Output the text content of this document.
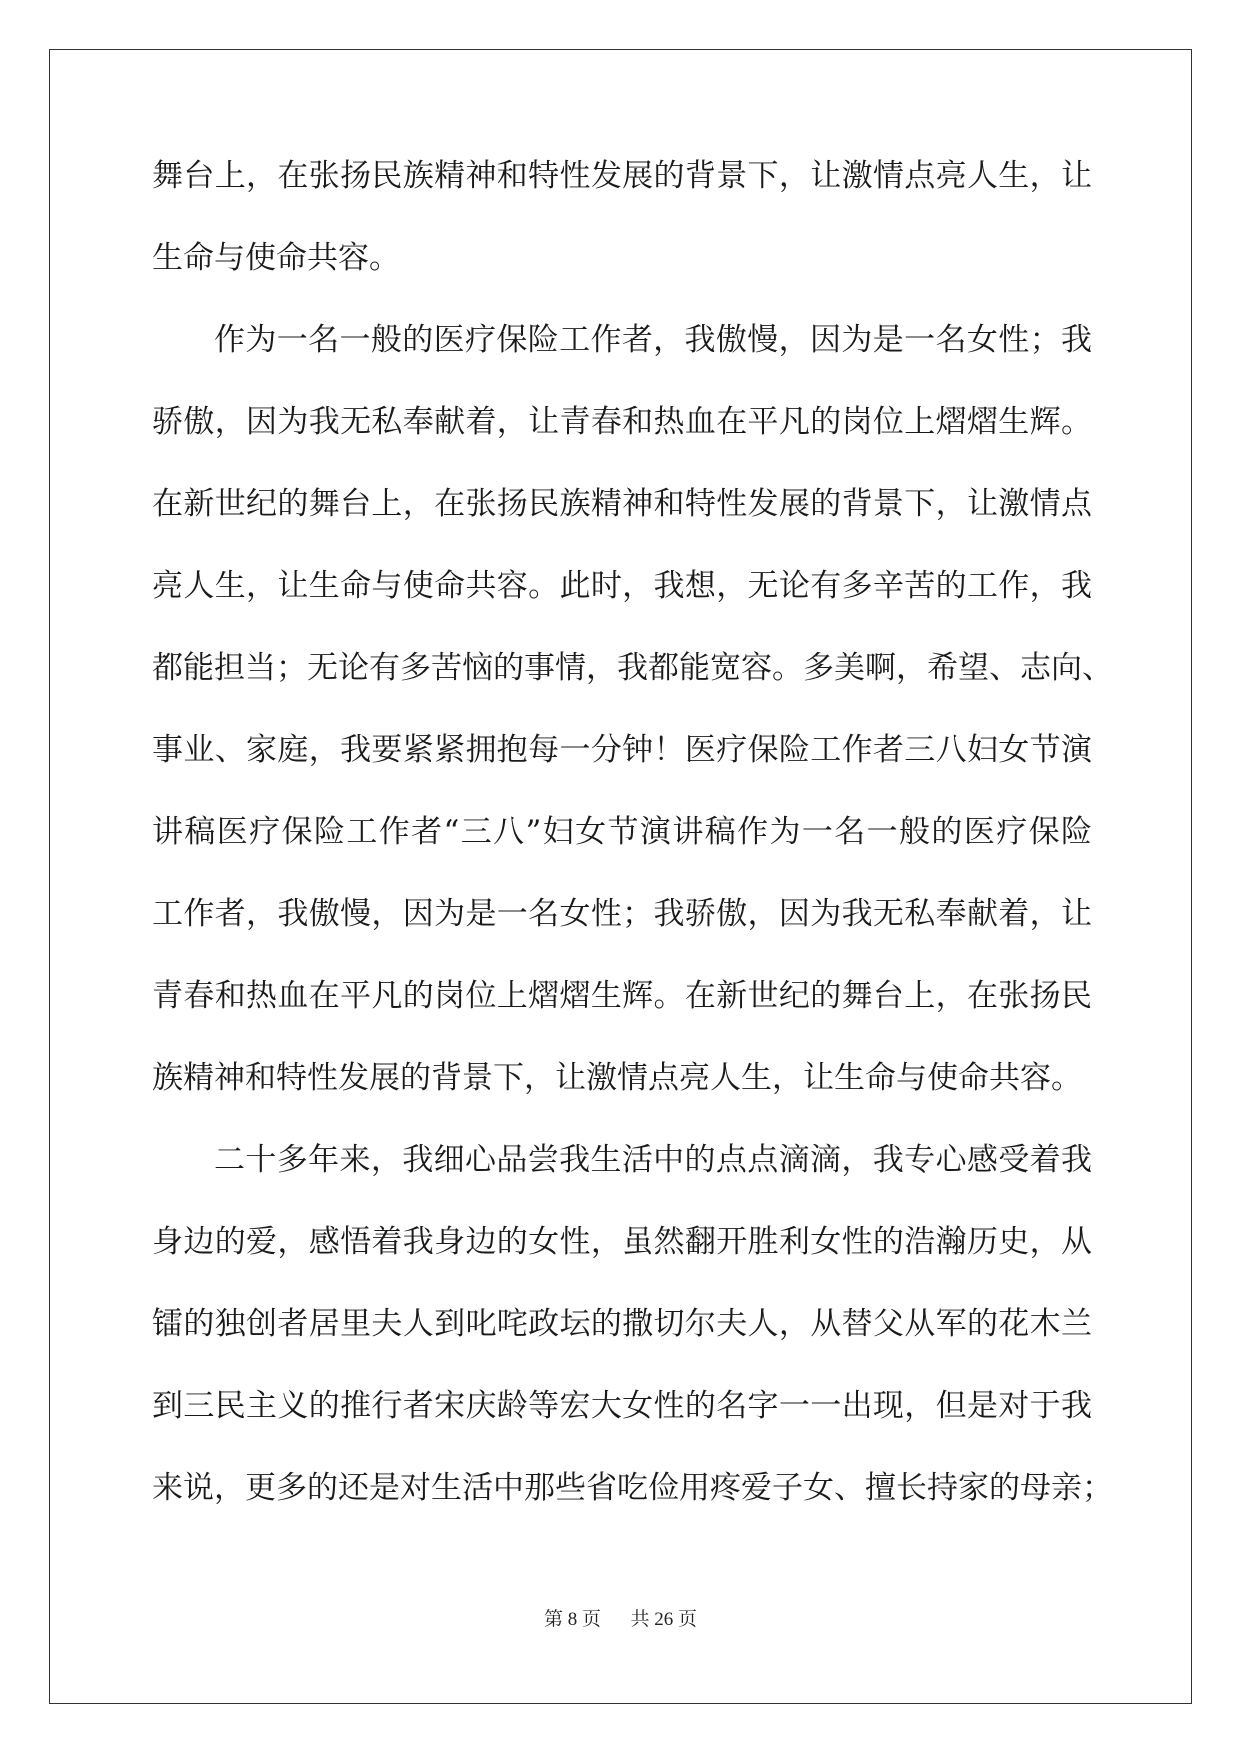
舞台上，在张扬民族精神和特性发展的背景下，让激情点亮人生，让
生命与使命共容。
作为一名一般的医疗保险工作者，我傲慢，因为是一名女性；我
骄傲，因为我无私奉献着，让青春和热血在平凡的岗位上熠熠生辉。
在新世纪的舞台上，在张扬民族精神和特性发展的背景下，让激情点
亮人生，让生命与使命共容。此时，我想，无论有多辛苦的工作，我
都能担当；无论有多苦恼的事情，我都能宽容。多美啊，希望、志向、
事业、家庭，我要紧紧拥抱每一分钟！医疗保险工作者三八妇女节演
讲稿医疗保险工作者“三八”妇女节演讲稿作为一名一般的医疗保险
工作者，我傲慢，因为是一名女性；我骄傲，因为我无私奉献着，让
青春和热血在平凡的岗位上熠熠生辉。在新世纪的舞台上，在张扬民
族精神和特性发展的背景下，让激情点亮人生，让生命与使命共容。
二十多年来，我细心品尝我生活中的点点滴滴，我专心感受着我
身边的爱，感悟着我身边的女性，虽然翻开胜利女性的浩瀚历史，从
镭的独创者居里夫人到叱咤政坛的撒切尔夫人，从替父从军的花木兰
到三民主义的推行者宋庆龄等宏大女性的名字一一出现，但是对于我
来说，更多的还是对生活中那些省吃俭用疼爱子女、擅长持家的母亲；
第 8 页 共 26 页
